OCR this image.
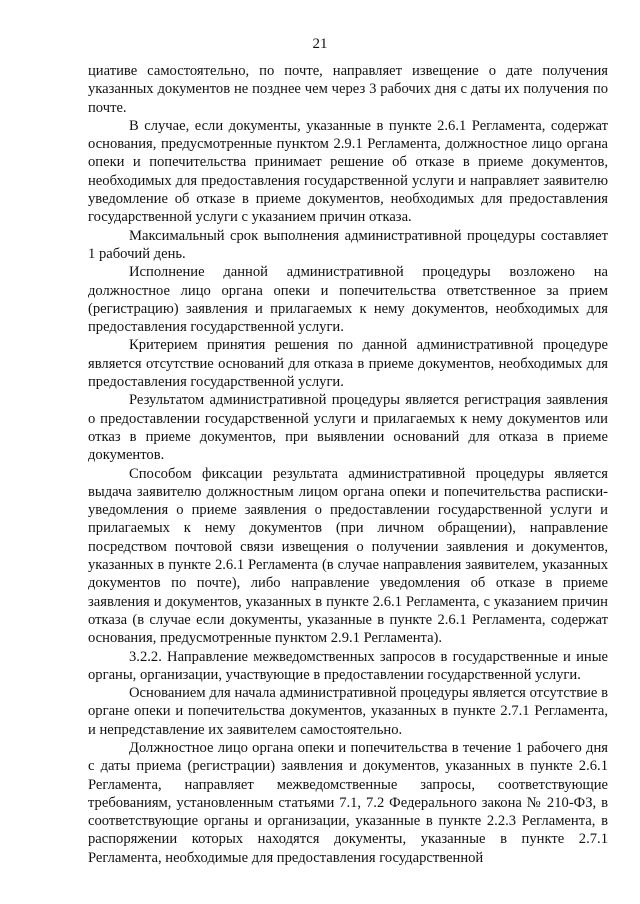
21

циативе самостоятельно, по почте, направляет извещение о дате получения указанных документов не позднее чем через 3 рабочих дня с даты их получения по почте.

В случае, если документы, указанные в пункте 2.6.1 Регламента, содержат основания, предусмотренные пунктом 2.9.1 Регламента, должностное лицо органа опеки и попечительства принимает решение об отказе в приеме документов, необходимых для предоставления государственной услуги и направляет заявителю уведомление об отказе в приеме документов, необходимых для предоставления государственной услуги с указанием причин отказа.

Максимальный срок выполнения административной процедуры составляет 1 рабочий день.

Исполнение данной административной процедуры возложено на должностное лицо органа опеки и попечительства ответственное за прием (регистрацию) заявления и прилагаемых к нему документов, необходимых для предоставления государственной услуги.

Критерием принятия решения по данной административной процедуре является отсутствие оснований для отказа в приеме документов, необходимых для предоставления государственной услуги.

Результатом административной процедуры является регистрация заявления о предоставлении государственной услуги и прилагаемых к нему документов или отказ в приеме документов, при выявлении оснований для отказа в приеме документов.

Способом фиксации результата административной процедуры является выдача заявителю должностным лицом органа опеки и попечительства расписки-уведомления о приеме заявления о предоставлении государственной услуги и прилагаемых к нему документов (при личном обращении), направление посредством почтовой связи извещения о получении заявления и документов, указанных в пункте 2.6.1 Регламента (в случае направления заявителем, указанных документов по почте), либо направление уведомления об отказе в приеме заявления и документов, указанных в пункте 2.6.1 Регламента, с указанием причин отказа (в случае если документы, указанные в пункте 2.6.1 Регламента, содержат основания, предусмотренные пунктом 2.9.1 Регламента).

3.2.2. Направление межведомственных запросов в государственные и иные органы, организации, участвующие в предоставлении государственной услуги.

Основанием для начала административной процедуры является отсутствие в органе опеки и попечительства документов, указанных в пункте 2.7.1 Регламента, и непредставление их заявителем самостоятельно.

Должностное лицо органа опеки и попечительства в течение 1 рабочего дня с даты приема (регистрации) заявления и документов, указанных в пункте 2.6.1 Регламента, направляет межведомственные запросы, соответствующие требованиям, установленным статьями 7.1, 7.2 Федерального закона № 210-ФЗ, в соответствующие органы и организации, указанные в пункте 2.2.3 Регламента, в распоряжении которых находятся документы, указанные в пункте 2.7.1 Регламента, необходимые для предоставления государственной
